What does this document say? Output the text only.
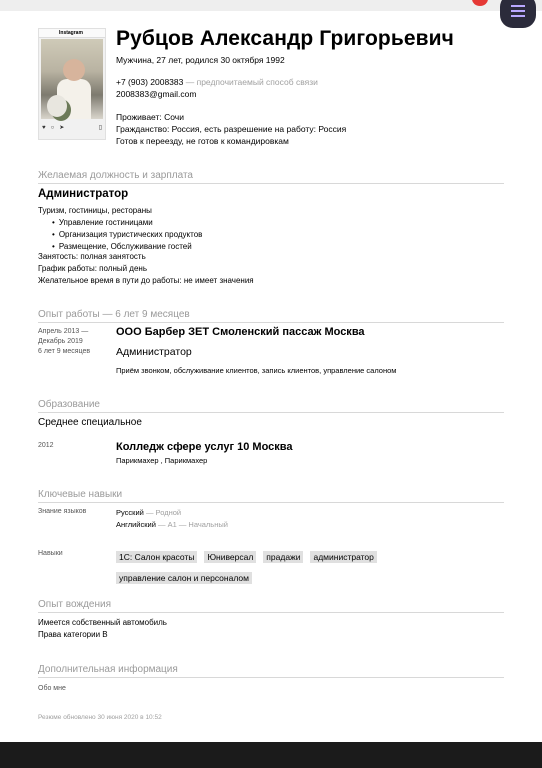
Instagram
♥ ○ ➤	▯
Рубцов Александр Григорьевич
Мужчина, 27 лет, родился 30 октября 1992
+7 (903) 2008383 — предпочитаемый способ связи
2008383@gmail.com
Проживает: Сочи
Гражданство: Россия, есть разрешение на работу: Россия
Готов к переезду, не готов к командировкам
Желаемая должность и зарплата
Администратор
Туризм, гостиницы, рестораны
• Управление гостиницами
• Организация туристических продуктов
• Размещение, Обслуживание гостей
Занятость: полная занятость
График работы: полный день
Желательное время в пути до работы: не имеет значения
Опыт работы — 6 лет 9 месяцев
Апрель 2013 —
Декабрь 2019
6 лет 9 месяцев
ООО Барбер ЗЕТ Смоленский пассаж Москва
Администратор
Приём звонком, обслуживание клиентов, запись клиентов, управление салоном
Образование
Среднее специальное
2012	Колледж сфере услуг 10 Москва
Парикмахер , Парикмахер
Ключевые навыки
Знание языков	Русский — Родной
Английский — A1 — Начальный
Навыки	1С: Салон красоты Юниверсал пpадажи администратор
управление салон и персоналом
Опыт вождения
Имеется собственный автомобиль
Права категории B
Дополнительная информация
Обо мне
Резюме обновлено 30 июня 2020 в 10:52
